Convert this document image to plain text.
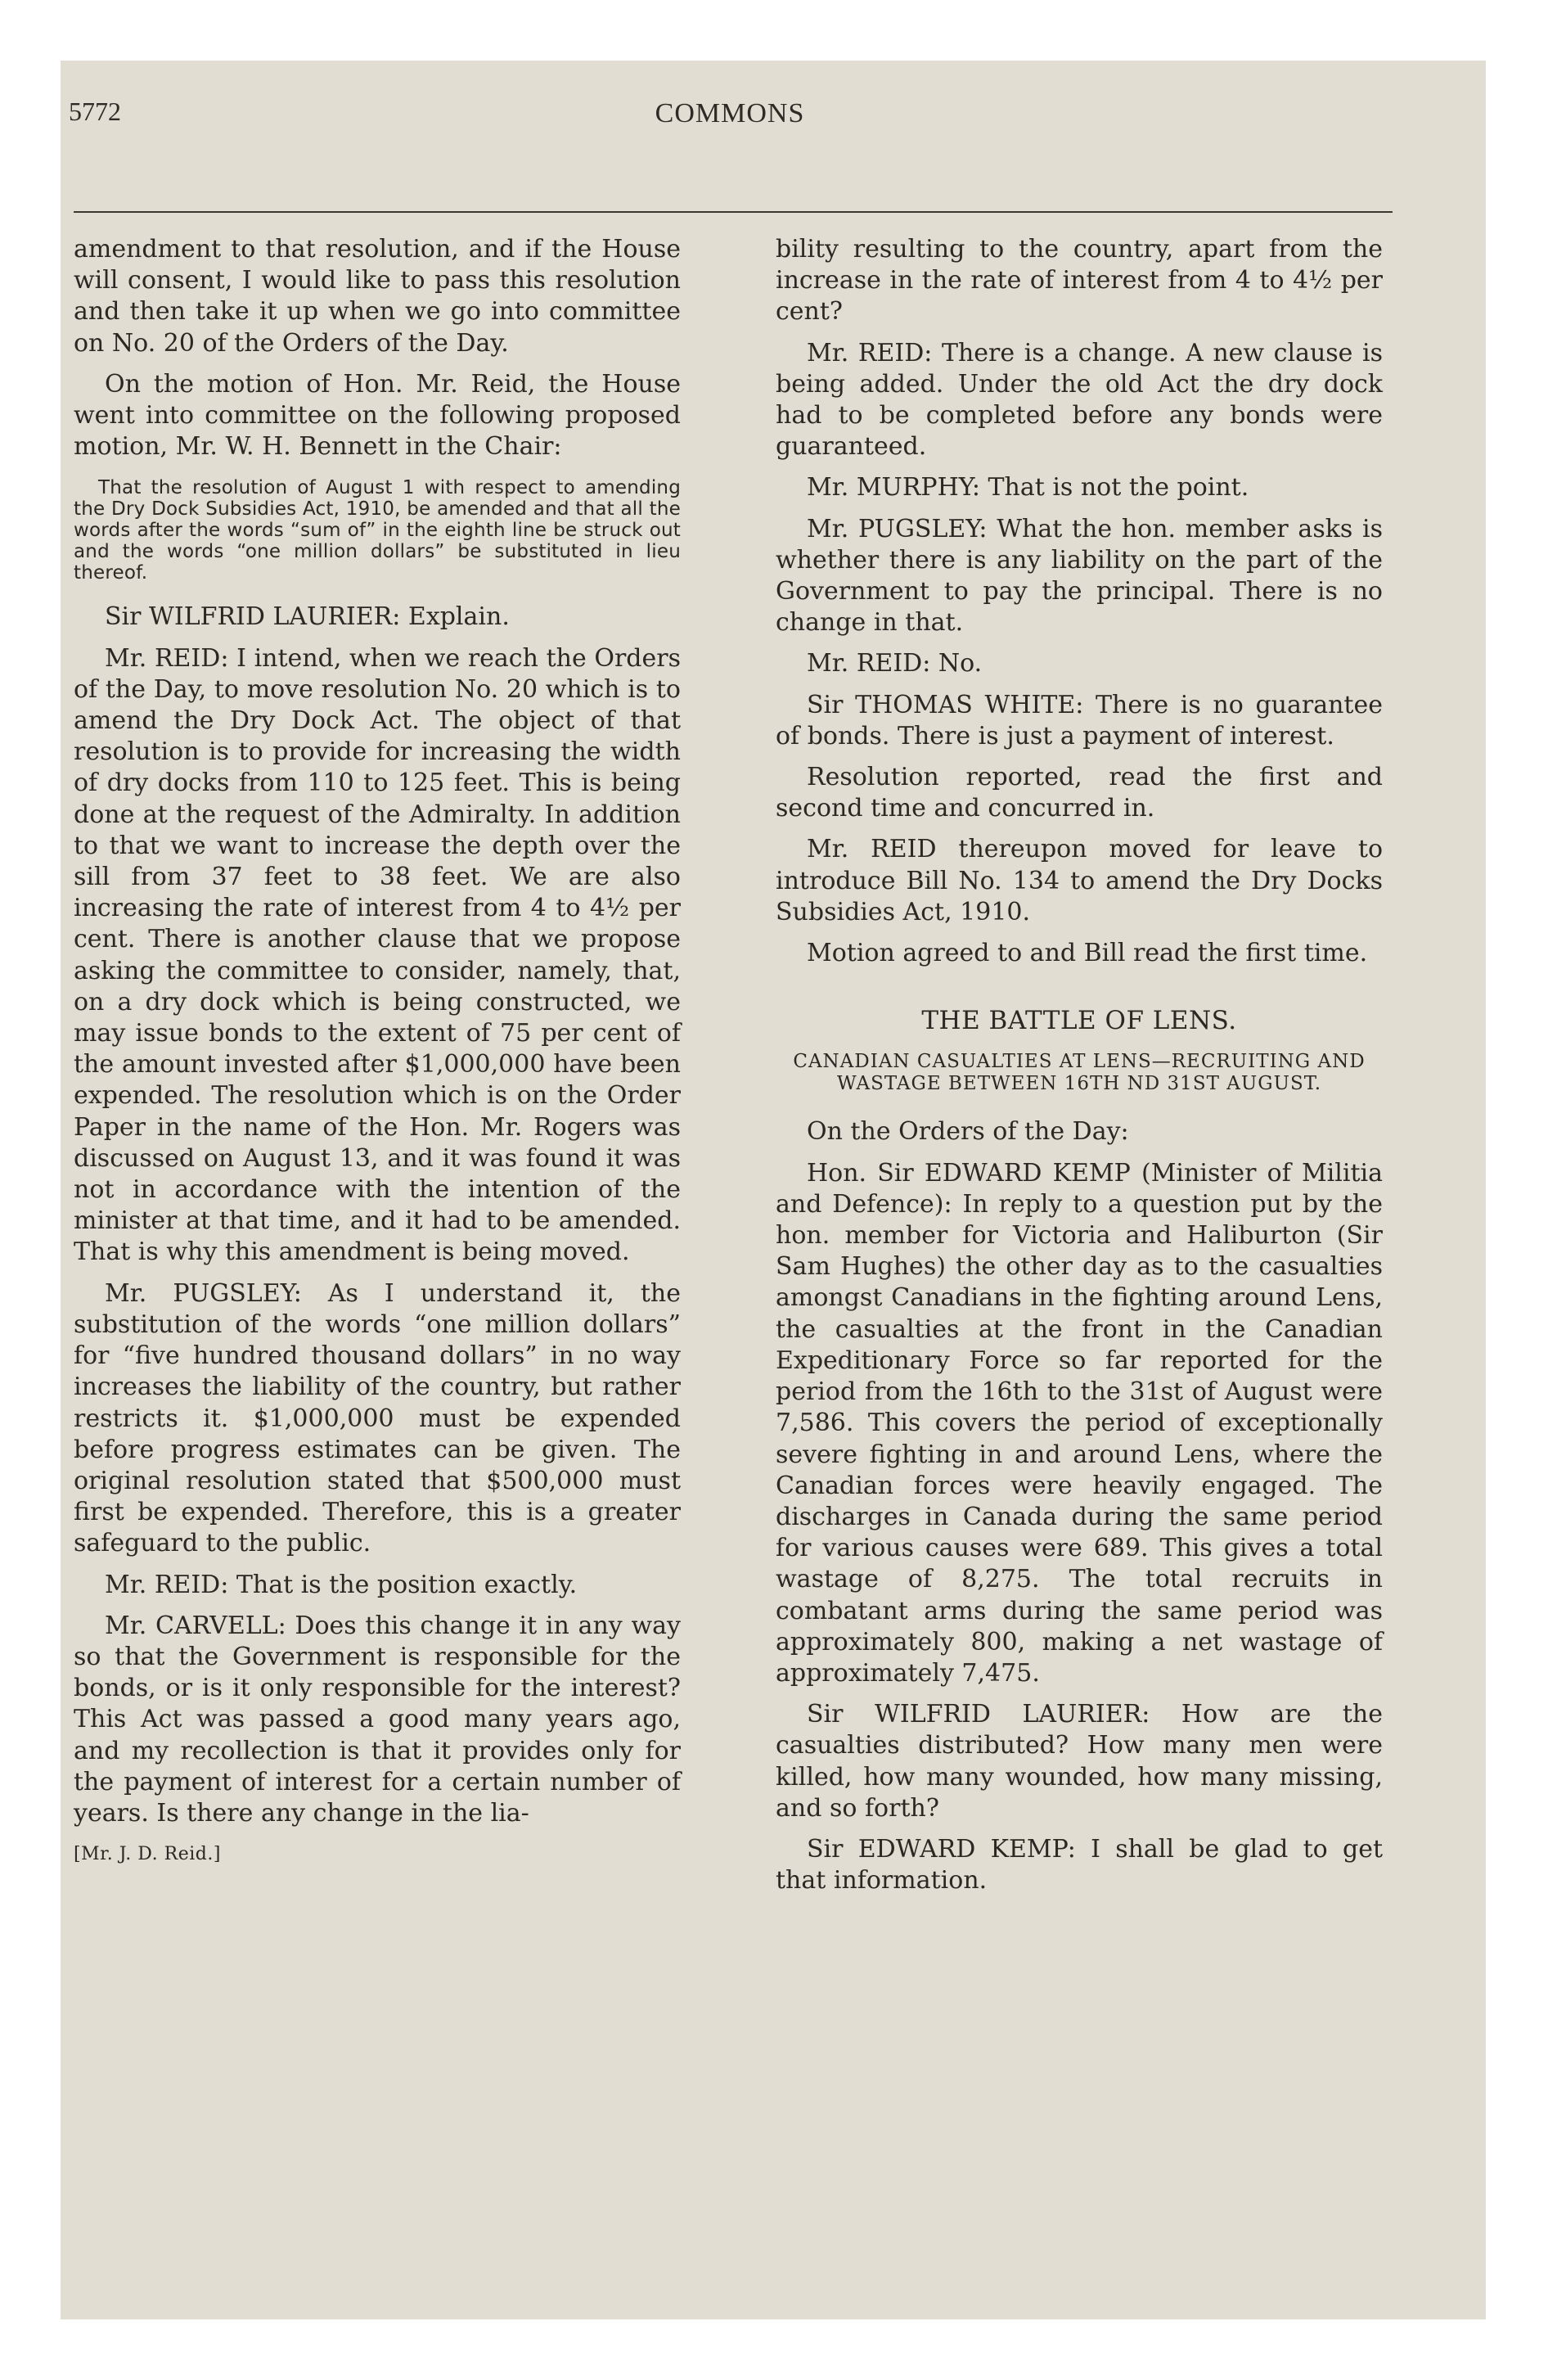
5772	COMMONS

amendment to that resolution, and if the House will consent, I would like to pass this resolution and then take it up when we go into committee on No. 20 of the Orders of the Day.

On the motion of Hon. Mr. Reid, the House went into committee on the following proposed motion, Mr. W. H. Bennett in the Chair:

That the resolution of August 1 with respect to amending the Dry Dock Subsidies Act, 1910, be amended and that all the words after the words “sum of” in the eighth line be struck out and the words “one million dollars” be substituted in lieu thereof.

Sir WILFRID LAURIER: Explain.

Mr. REID: I intend, when we reach the Orders of the Day, to move resolution No. 20 which is to amend the Dry Dock Act. The object of that resolution is to provide for increasing the width of dry docks from 110 to 125 feet. This is being done at the request of the Admiralty. In addition to that we want to increase the depth over the sill from 37 feet to 38 feet. We are also increasing the rate of interest from 4 to 4½ per cent. There is another clause that we propose asking the committee to consider, namely, that, on a dry dock which is being constructed, we may issue bonds to the extent of 75 per cent of the amount invested after $1,000,000 have been expended. The resolution which is on the Order Paper in the name of the Hon. Mr. Rogers was discussed on August 13, and it was found it was not in accordance with the intention of the minister at that time, and it had to be amended. That is why this amendment is being moved.

Mr. PUGSLEY: As I understand it, the substitution of the words “one million dollars” for “five hundred thousand dollars” in no way increases the liability of the country, but rather restricts it. $1,000,000 must be expended before progress estimates can be given. The original resolution stated that $500,000 must first be expended. Therefore, this is a greater safeguard to the public.

Mr. REID: That is the position exactly.

Mr. CARVELL: Does this change it in any way so that the Government is responsible for the bonds, or is it only responsible for the interest? This Act was passed a good many years ago, and my recollection is that it provides only for the payment of interest for a certain number of years. Is there any change in the lia-

[Mr. J. D. Reid.]

bility resulting to the country, apart from the increase in the rate of interest from 4 to 4½ per cent?

Mr. REID: There is a change. A new clause is being added. Under the old Act the dry dock had to be completed before any bonds were guaranteed.

Mr. MURPHY: That is not the point.

Mr. PUGSLEY: What the hon. member asks is whether there is any liability on the part of the Government to pay the principal. There is no change in that.

Mr. REID: No.

Sir THOMAS WHITE: There is no guarantee of bonds. There is just a payment of interest.

Resolution reported, read the first and second time and concurred in.

Mr. REID thereupon moved for leave to introduce Bill No. 134 to amend the Dry Docks Subsidies Act, 1910.

Motion agreed to and Bill read the first time.

THE BATTLE OF LENS.
CANADIAN CASUALTIES AT LENS—RECRUITING AND WASTAGE BETWEEN 16TH ND 31ST AUGUST.

On the Orders of the Day:

Hon. Sir EDWARD KEMP (Minister of Militia and Defence): In reply to a question put by the hon. member for Victoria and Haliburton (Sir Sam Hughes) the other day as to the casualties amongst Canadians in the fighting around Lens, the casualties at the front in the Canadian Expeditionary Force so far reported for the period from the 16th to the 31st of August were 7,586. This covers the period of exceptionally severe fighting in and around Lens, where the Canadian forces were heavily engaged. The discharges in Canada during the same period for various causes were 689. This gives a total wastage of 8,275. The total recruits in combatant arms during the same period was approximately 800, making a net wastage of approximately 7,475.

Sir WILFRID LAURIER: How are the casualties distributed? How many men were killed, how many wounded, how many missing, and so forth?

Sir EDWARD KEMP: I shall be glad to get that information.
